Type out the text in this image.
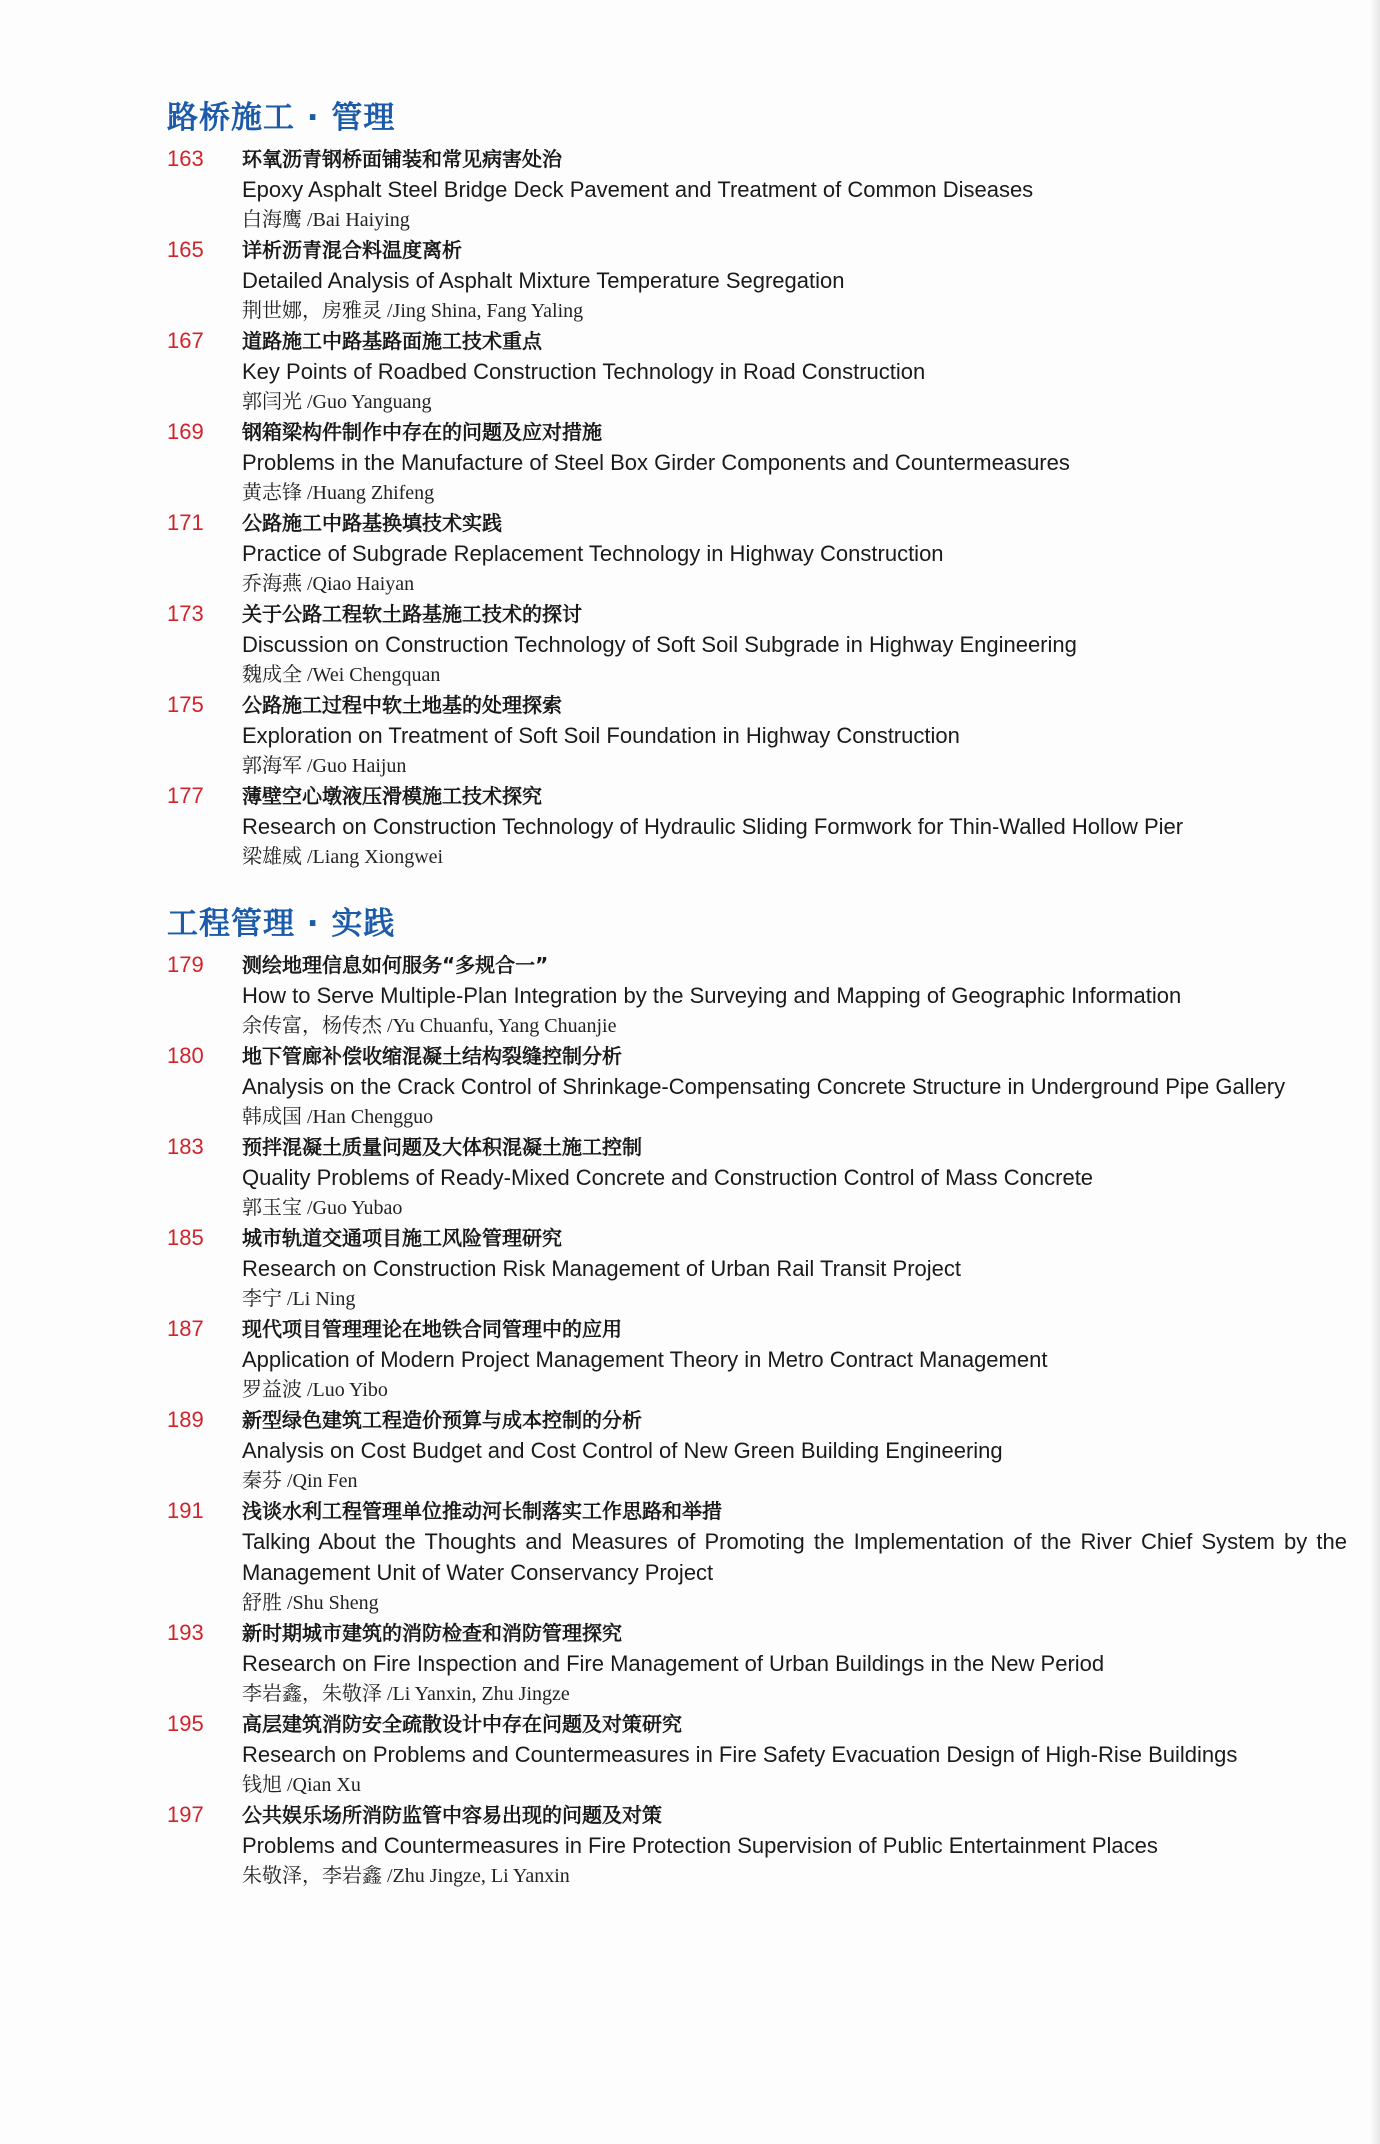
路桥施工 · 管理
163	环氧沥青钢桥面铺装和常见病害处治
Epoxy Asphalt Steel Bridge Deck Pavement and Treatment of Common Diseases
白海鹰 /Bai Haiying
165	详析沥青混合料温度离析
Detailed Analysis of Asphalt Mixture Temperature Segregation
荆世娜，房雅灵 /Jing Shina, Fang Yaling
167	道路施工中路基路面施工技术重点
Key Points of Roadbed Construction Technology in Road Construction
郭闫光 /Guo Yanguang
169	钢箱梁构件制作中存在的问题及应对措施
Problems in the Manufacture of Steel Box Girder Components and Countermeasures
黄志锋 /Huang Zhifeng
171	公路施工中路基换填技术实践
Practice of Subgrade Replacement Technology in Highway Construction
乔海燕 /Qiao Haiyan
173	关于公路工程软土路基施工技术的探讨
Discussion on Construction Technology of Soft Soil Subgrade in Highway Engineering
魏成全 /Wei Chengquan
175	公路施工过程中软土地基的处理探索
Exploration on Treatment of Soft Soil Foundation in Highway Construction
郭海军 /Guo Haijun
177	薄壁空心墩液压滑模施工技术探究
Research on Construction Technology of Hydraulic Sliding Formwork for Thin-Walled Hollow Pier
梁雄威 /Liang Xiongwei
工程管理 · 实践
179	测绘地理信息如何服务“多规合一”
How to Serve Multiple-Plan Integration by the Surveying and Mapping of Geographic Information
余传富，杨传杰 /Yu Chuanfu, Yang Chuanjie
180	地下管廊补偿收缩混凝土结构裂缝控制分析
Analysis on the Crack Control of Shrinkage-Compensating Concrete Structure in Underground Pipe Gallery
韩成国 /Han Chengguo
183	预拌混凝土质量问题及大体积混凝土施工控制
Quality Problems of Ready-Mixed Concrete and Construction Control of Mass Concrete
郭玉宝 /Guo Yubao
185	城市轨道交通项目施工风险管理研究
Research on Construction Risk Management of Urban Rail Transit Project
李宁 /Li Ning
187	现代项目管理理论在地铁合同管理中的应用
Application of Modern Project Management Theory in Metro Contract Management
罗益波 /Luo Yibo
189	新型绿色建筑工程造价预算与成本控制的分析
Analysis on Cost Budget and Cost Control of New Green Building Engineering
秦芬 /Qin Fen
191	浅谈水利工程管理单位推动河长制落实工作思路和举措
Talking About the Thoughts and Measures of Promoting the Implementation of the River Chief System by the Management Unit of Water Conservancy Project
舒胜 /Shu Sheng
193	新时期城市建筑的消防检查和消防管理探究
Research on Fire Inspection and Fire Management of Urban Buildings in the New Period
李岩鑫，朱敬泽 /Li Yanxin, Zhu Jingze
195	高层建筑消防安全疏散设计中存在问题及对策研究
Research on Problems and Countermeasures in Fire Safety Evacuation Design of High-Rise Buildings
钱旭 /Qian Xu
197	公共娱乐场所消防监管中容易出现的问题及对策
Problems and Countermeasures in Fire Protection Supervision of Public Entertainment Places
朱敬泽，李岩鑫 /Zhu Jingze, Li Yanxin
